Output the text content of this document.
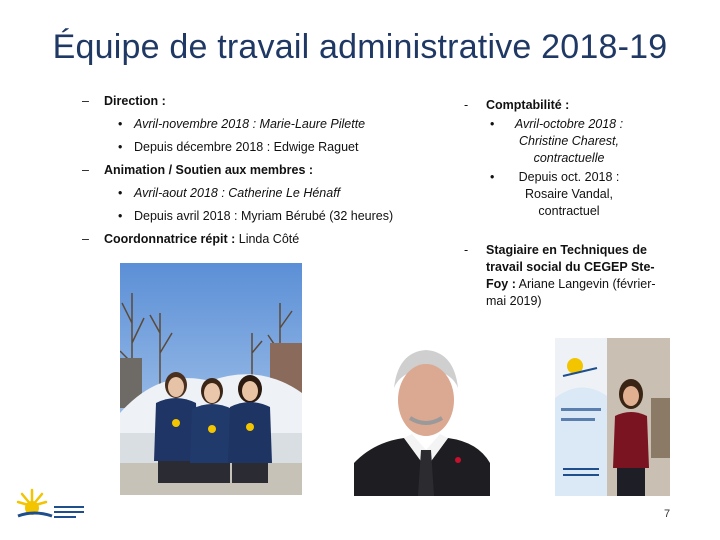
Équipe de travail administrative 2018-19
– Direction :
• Avril-novembre 2018 : Marie-Laure Pilette
• Depuis décembre 2018 : Edwige Raguet
– Animation / Soutien aux membres :
• Avril-aout 2018 : Catherine Le Hénaff
• Depuis avril 2018 : Myriam Bérubé (32 heures)
– Coordonnatrice répit : Linda Côté
- Comptabilité :
• Avril-octobre 2018 : Christine Charest, contractuelle
• Depuis oct. 2018 : Rosaire Vandal, contractuel
- Stagiaire en Techniques de travail social du CEGEP Ste-Foy : Ariane Langevin (février-mai 2019)
7
